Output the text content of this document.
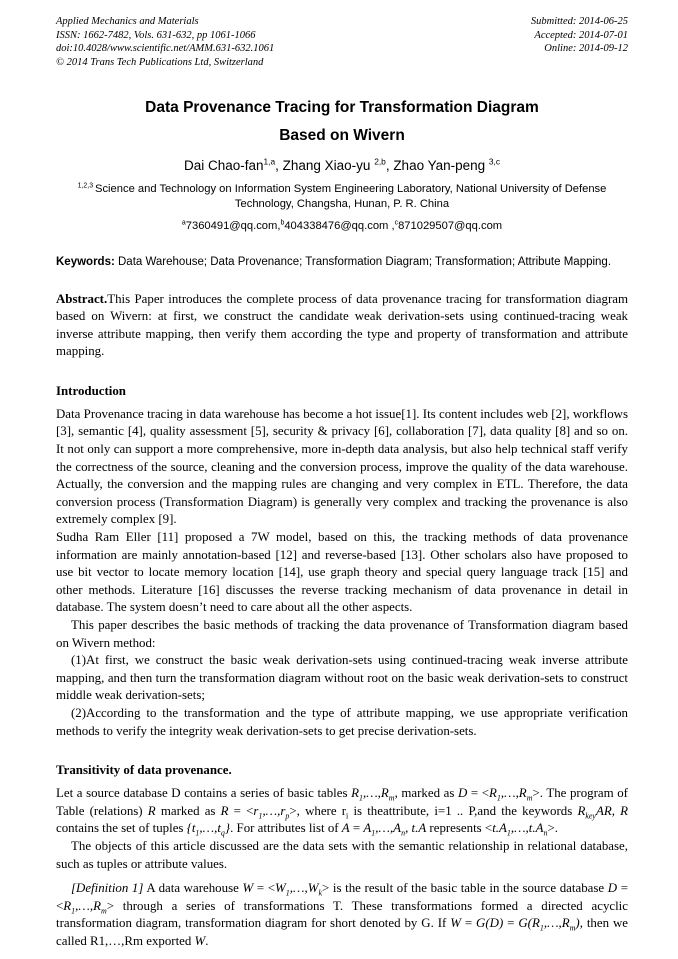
Applied Mechanics and Materials
ISSN: 1662-7482, Vols. 631-632, pp 1061-1066
doi:10.4028/www.scientific.net/AMM.631-632.1061
© 2014 Trans Tech Publications Ltd, Switzerland
Submitted: 2014-06-25
Accepted: 2014-07-01
Online: 2014-09-12
Data Provenance Tracing for Transformation Diagram
Based on Wivern
Dai Chao-fan$^{1,a}$, Zhang Xiao-yu $^{2,b}$, Zhao Yan-peng $^{3,c}$
$^{1,2,3}$ Science and Technology on Information System Engineering Laboratory, National University of Defense Technology, Changsha, Hunan, P. R. China
$^a$7360491@qq.com,$^b$404338476@qq.com ,$^c$871029507@qq.com
Keywords: Data Warehouse; Data Provenance; Transformation Diagram; Transformation; Attribute Mapping.
Abstract.This Paper introduces the complete process of data provenance tracing for transformation diagram based on Wivern: at first, we construct the candidate weak derivation-sets using continued-tracing weak inverse attribute mapping, then verify them according the type and property of transformation and attribute mapping.
Introduction
Data Provenance tracing in data warehouse has become a hot issue[1]. Its content includes web [2], workflows [3], semantic [4], quality assessment [5], security & privacy [6], collaboration [7], data quality [8] and so on. It not only can support a more comprehensive, more in-depth data analysis, but also help technical staff verify the correctness of the source, cleaning and the conversion process, improve the quality of the data warehouse. Actually, the conversion and the mapping rules are changing and very complex in ETL. Therefore, the data conversion process (Transformation Diagram) is generally very complex and tracking the provenance is also extremely complex [9].
Sudha Ram Eller [11] proposed a 7W model, based on this, the tracking methods of data provenance information are mainly annotation-based [12] and reverse-based [13]. Other scholars also have proposed to use bit vector to locate memory location [14], use graph theory and special query language track [15] and other methods. Literature [16] discusses the reverse tracking mechanism of data provenance in detail in database. The system doesn’t need to care about all the other aspects.
This paper describes the basic methods of tracking the data provenance of Transformation diagram based on Wivern method:
(1)At first, we construct the basic weak derivation-sets using continued-tracing weak inverse attribute mapping, and then turn the transformation diagram without root on the basic weak derivation-sets to construct middle weak derivation-sets;
(2)According to the transformation and the type of attribute mapping, we use appropriate verification methods to verify the integrity weak derivation-sets to get precise derivation-sets.
Transitivity of data provenance.
Let a source database D contains a series of basic tables $R_1,\dots,R_m$, marked as $D = <R_1,\dots,R_m>$. The program of Table (relations) R marked as $R = <r_1,\dots,r_p>$, where $r_i$ is theattribute, i=1 .. P,and the keywords $R_{key}AR$, R contains the set of tuples $\{t_1,\dots,t_q\}$. For attributes list of $A = A_1,\dots,A_n$, t.A represents $<t.A_1,\dots,t.A_n>$.
The objects of this article discussed are the data sets with the semantic relationship in relational database, such as tuples or attribute values.
[Definition 1] A data warehouse $W = <W_1,\dots,W_k>$ is the result of the basic table in the source database $D = <R_1,\dots,R_m>$ through a series of transformations T. These transformations formed a directed acyclic transformation diagram, transformation diagram for short denoted by G. If $W = G(D) = G(R_1,\dots,R_m)$, then we called R1,…,Rm exported W.
